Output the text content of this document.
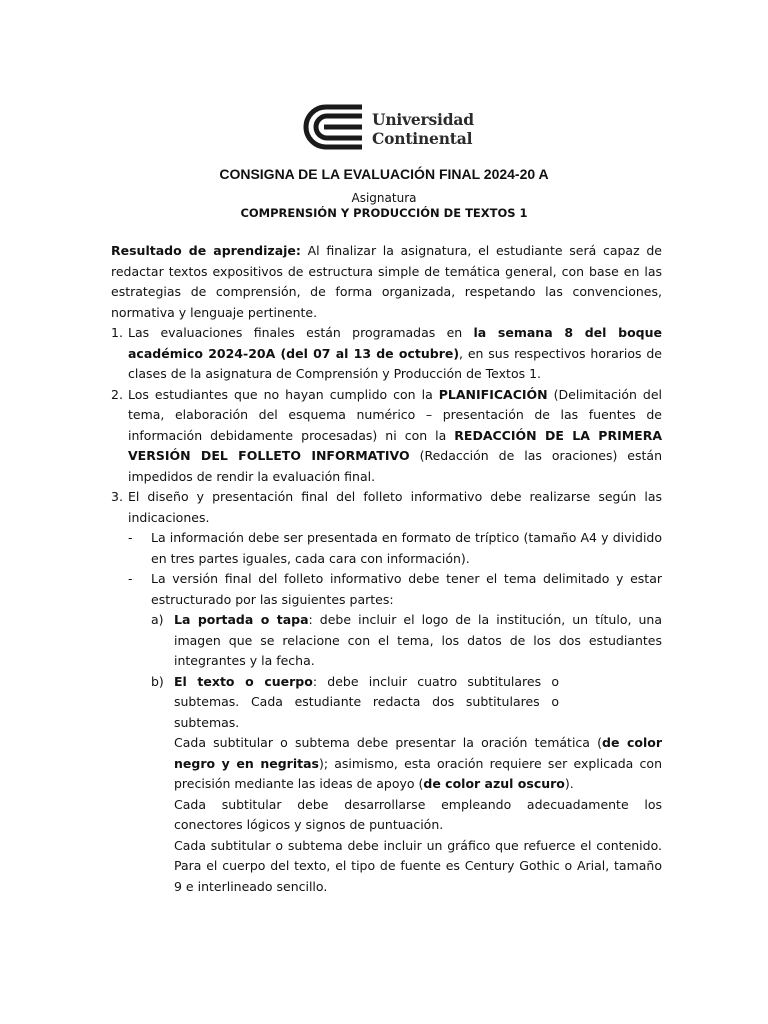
Universidad
Continental
CONSIGNA DE LA EVALUACIÓN FINAL 2024-20 A
Asignatura
COMPRENSIÓN Y PRODUCCIÓN DE TEXTOS 1

Resultado de aprendizaje: Al finalizar la asignatura, el estudiante será capaz de redactar textos expositivos de estructura simple de temática general, con base en las estrategias de comprensión, de forma organizada, respetando las convenciones, normativa y lenguaje pertinente.

1. Las evaluaciones finales están programadas en la semana 8 del boque académico 2024-20A (del 07 al 13 de octubre), en sus respectivos horarios de clases de la asignatura de Comprensión y Producción de Textos 1.
2. Los estudiantes que no hayan cumplido con la PLANIFICACIÓN (Delimitación del tema, elaboración del esquema numérico – presentación de las fuentes de información debidamente procesadas) ni con la REDACCIÓN DE LA PRIMERA VERSIÓN DEL FOLLETO INFORMATIVO (Redacción de las oraciones) están impedidos de rendir la evaluación final.
3. El diseño y presentación final del folleto informativo debe realizarse según las indicaciones.
- La información debe ser presentada en formato de tríptico (tamaño A4 y dividido en tres partes iguales, cada cara con información).
- La versión final del folleto informativo debe tener el tema delimitado y estar estructurado por las siguientes partes:
a) La portada o tapa: debe incluir el logo de la institución, un título, una imagen que se relacione con el tema, los datos de los dos estudiantes integrantes y la fecha.
b) El texto o cuerpo: debe incluir cuatro subtitulares o subtemas. Cada estudiante redacta dos subtitulares o subtemas.
Cada subtitular o subtema debe presentar la oración temática (de color negro y en negritas); asimismo, esta oración requiere ser explicada con precisión mediante las ideas de apoyo (de color azul oscuro).
Cada subtitular debe desarrollarse empleando adecuadamente los conectores lógicos y signos de puntuación.
Cada subtitular o subtema debe incluir un gráfico que refuerce el contenido. Para el cuerpo del texto, el tipo de fuente es Century Gothic o Arial, tamaño 9 e interlineado sencillo.
